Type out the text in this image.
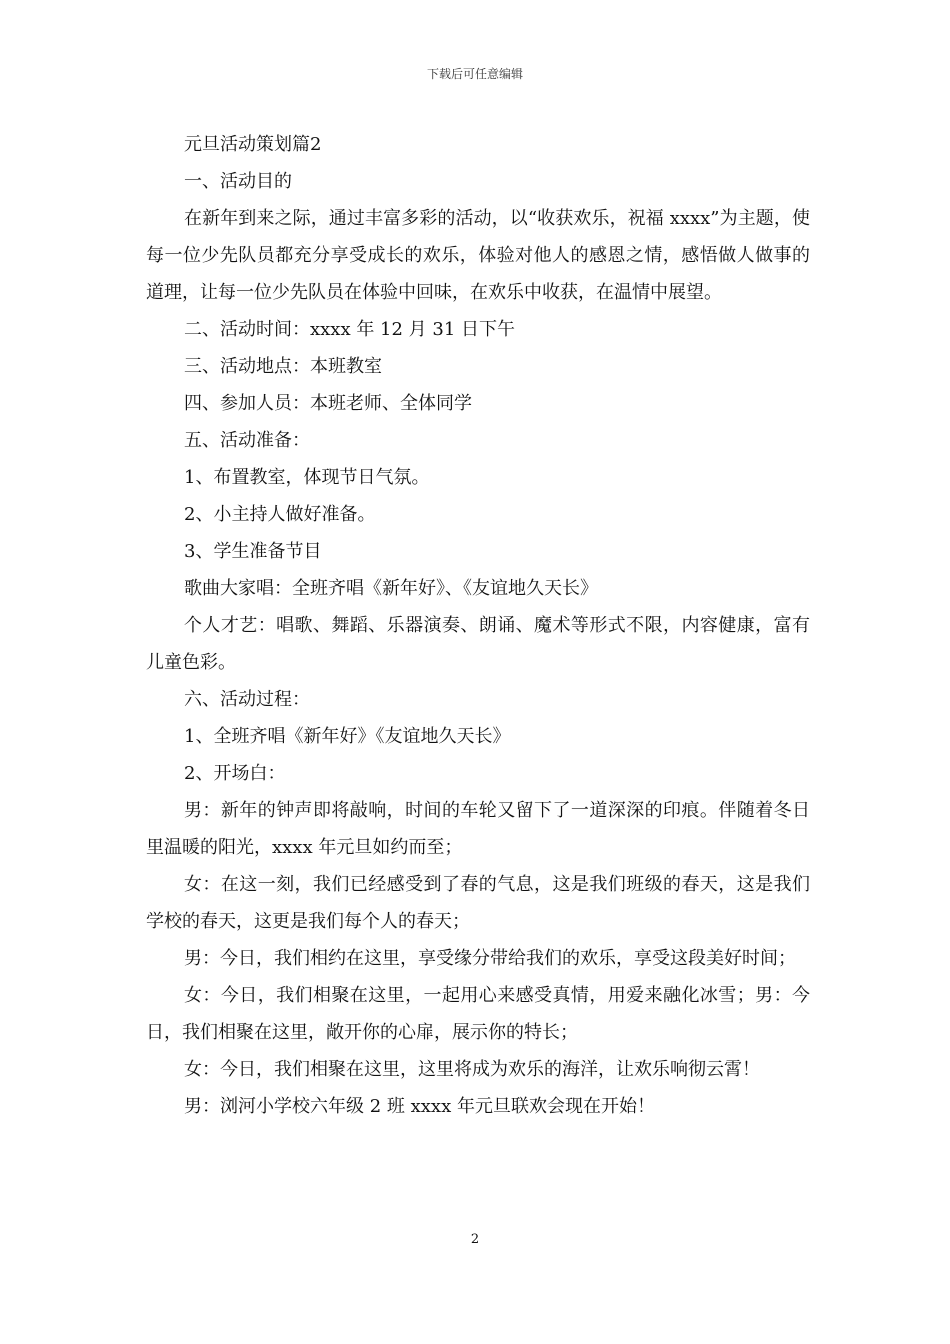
下载后可任意编辑

元旦活动策划篇2

一、活动目的

在新年到来之际，通过丰富多彩的活动，以“收获欢乐，祝福 xxxx”为主题，使每一位少先队员都充分享受成长的欢乐，体验对他人的感恩之情，感悟做人做事的道理，让每一位少先队员在体验中回味，在欢乐中收获，在温情中展望。

二、活动时间：xxxx 年 12 月 31 日下午

三、活动地点：本班教室

四、参加人员：本班老师、全体同学

五、活动准备：

1、布置教室，体现节日气氛。

2、小主持人做好准备。

3、学生准备节目

歌曲大家唱：全班齐唱《新年好》、《友谊地久天长》

个人才艺：唱歌、舞蹈、乐器演奏、朗诵、魔术等形式不限，内容健康，富有儿童色彩。

六、活动过程：

1、全班齐唱《新年好》《友谊地久天长》

2、开场白：

男：新年的钟声即将敲响，时间的车轮又留下了一道深深的印痕。伴随着冬日里温暖的阳光，xxxx 年元旦如约而至；

女：在这一刻，我们已经感受到了春的气息，这是我们班级的春天，这是我们学校的春天，这更是我们每个人的春天；

男：今日，我们相约在这里，享受缘分带给我们的欢乐，享受这段美好时间；

女：今日，我们相聚在这里，一起用心来感受真情，用爱来融化冰雪；男：今日，我们相聚在这里，敞开你的心扉，展示你的特长；

女：今日，我们相聚在这里，这里将成为欢乐的海洋，让欢乐响彻云霄！

男：浏河小学校六年级 2 班 xxxx 年元旦联欢会现在开始！

2
